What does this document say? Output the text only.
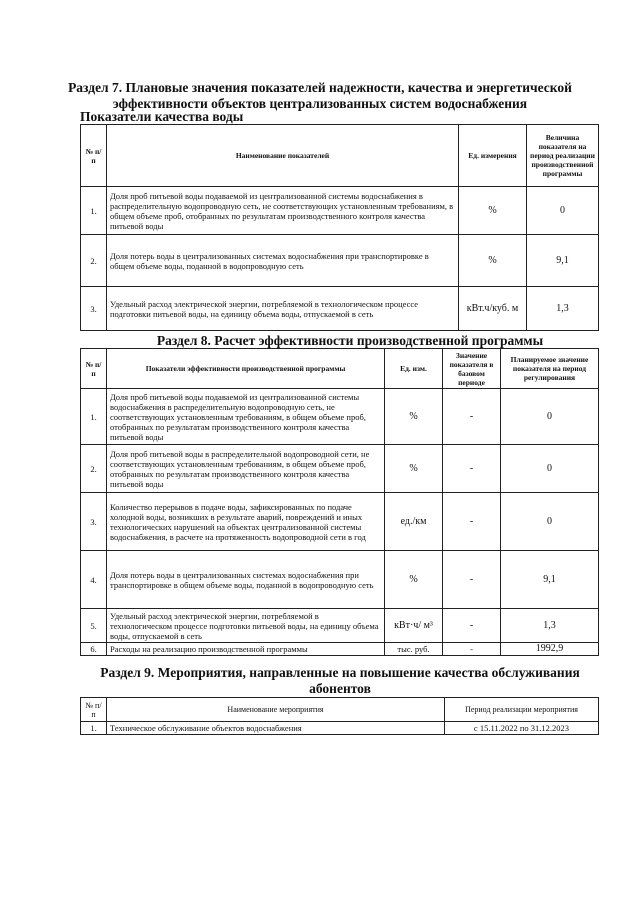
Раздел 7. Плановые значения показателей надежности, качества и энергетической
эффективности объектов централизованных систем водоснабжения
Показатели качества воды
№ п/п	Наименование показателей	Ед. измерения	Величина показателя на период реализации производственной программы
1.	Доля проб питьевой воды подаваемой из централизованной системы водоснабжения в распределительную водопроводную сеть, не соответствующих установленным требованиям, в общем объеме проб, отобранных по результатам производственного контроля качества питьевой воды	%	0
2.	Доля потерь воды в централизованных системах водоснабжения при транспортировке в общем объеме воды, поданной в водопроводную сеть	%	9,1
3.	Удельный расход электрической энергии, потребляемой в технологическом процессе подготовки питьевой воды, на единицу объема воды, отпускаемой в сеть	кВт.ч/куб. м	1,3
Раздел 8. Расчет эффективности производственной программы
№ п/п	Показатели эффективности производственной программы	Ед. изм.	Значение показателя в базовом периоде	Планируемое значение показателя на период регулирования
1.	Доля проб питьевой воды подаваемой из централизованной системы водоснабжения в распределительную водопроводную сеть, не соответствующих установленным требованиям, в общем объеме проб, отобранных по результатам производственного контроля качества питьевой воды	%	-	0
2.	Доля проб питьевой воды в распределительной водопроводной сети, не соответствующих установленным требованиям, в общем объеме проб, отобранных по результатам производственного контроля качества питьевой воды	%	-	0
3.	Количество перерывов в подаче воды, зафиксированных по подаче холодной воды, возникших в результате аварий, повреждений и иных технологических нарушений на объектах централизованной системы водоснабжения, в расчете на протяженность водопроводной сети в год	ед./км	-	0
4.	Доля потерь воды в централизованных системах водоснабжения при транспортировке в общем объеме воды, поданной в водопроводную сеть	%	-	9,1
5.	Удельный расход электрической энергии, потребляемой в технологическом процессе подготовки питьевой воды, на единицу объема воды, отпускаемой в сеть	кВт·ч/ м³	-	1,3
6.	Расходы на реализацию производственной программы	тыс. руб.	-	1992,9
Раздел 9. Мероприятия, направленные на повышение качества обслуживания
абонентов
№ п/п	Наименование мероприятия	Период реализации мероприятия
1.	Техническое обслуживание объектов водоснабжения	с 15.11.2022 по 31.12.2023
